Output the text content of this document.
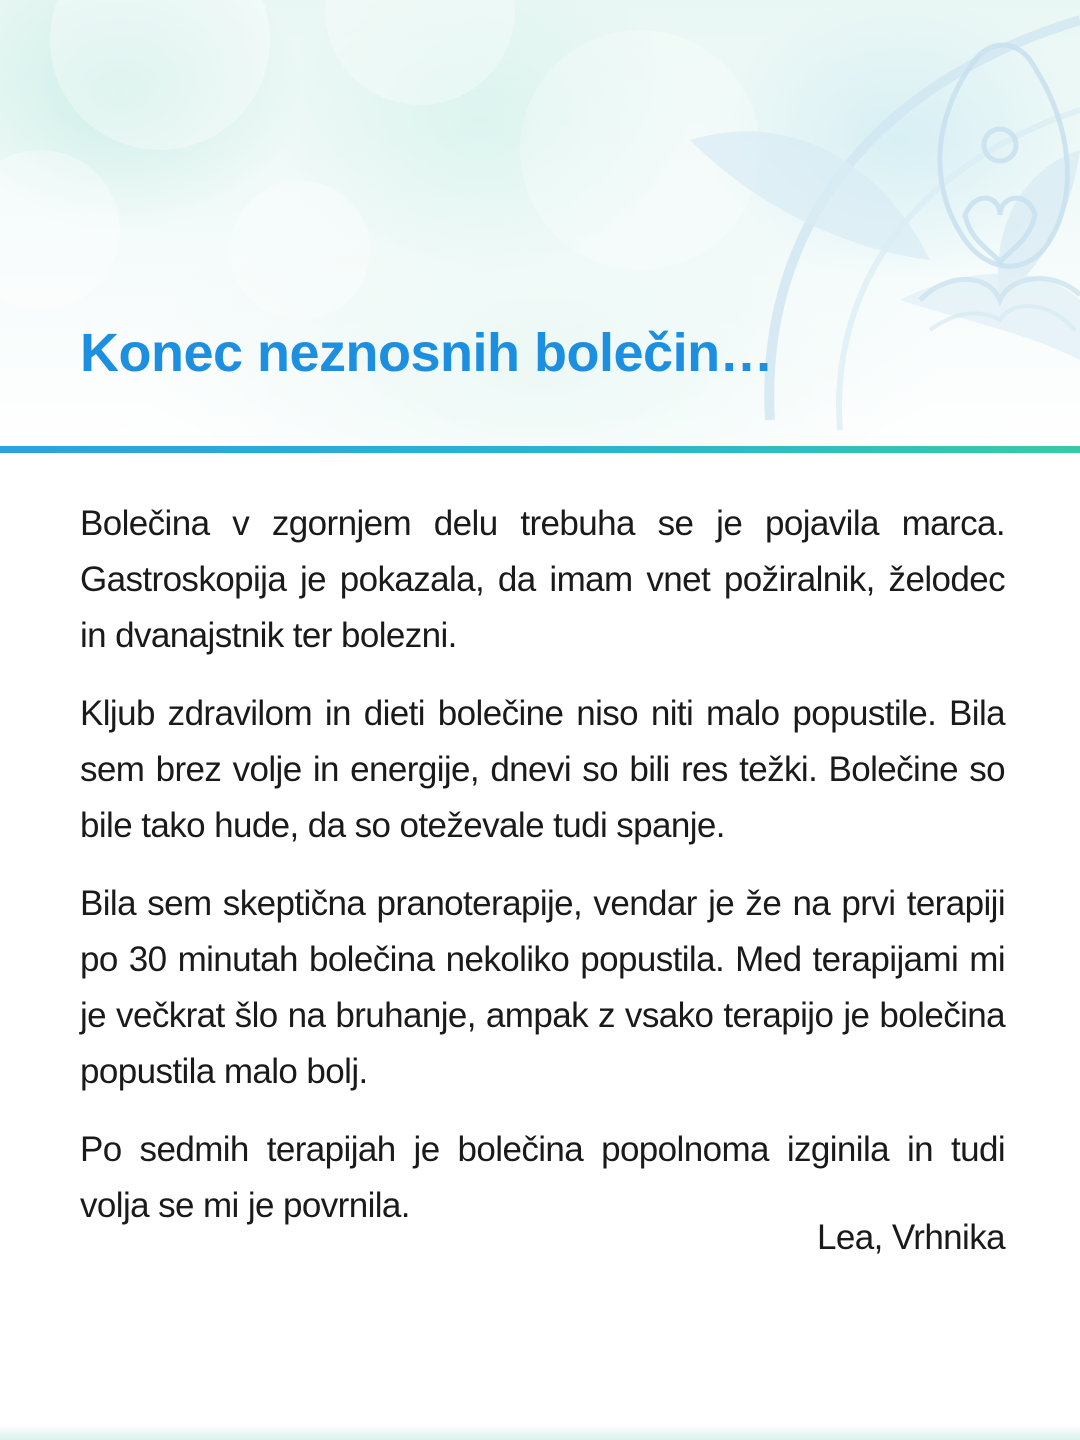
Konec neznosnih bolečin…

Bolečina v zgornjem delu trebuha se je pojavila marca. Gastroskopija je pokazala, da imam vnet požiralnik, želodec in dvanajstnik ter bolezni.

Kljub zdravilom in dieti bolečine niso niti malo popustile. Bila sem brez volje in energije, dnevi so bili res težki. Bolečine so bile tako hude, da so oteževale tudi spanje.

Bila sem skeptična pranoterapije, vendar je že na prvi terapiji po 30 minutah bolečina nekoliko popustila. Med terapijami mi je večkrat šlo na bruhanje, ampak z vsako terapijo je bolečina popustila malo bolj.

Po sedmih terapijah je bolečina popolnoma izginila in tudi volja se mi je povrnila.

Lea, Vrhnika
